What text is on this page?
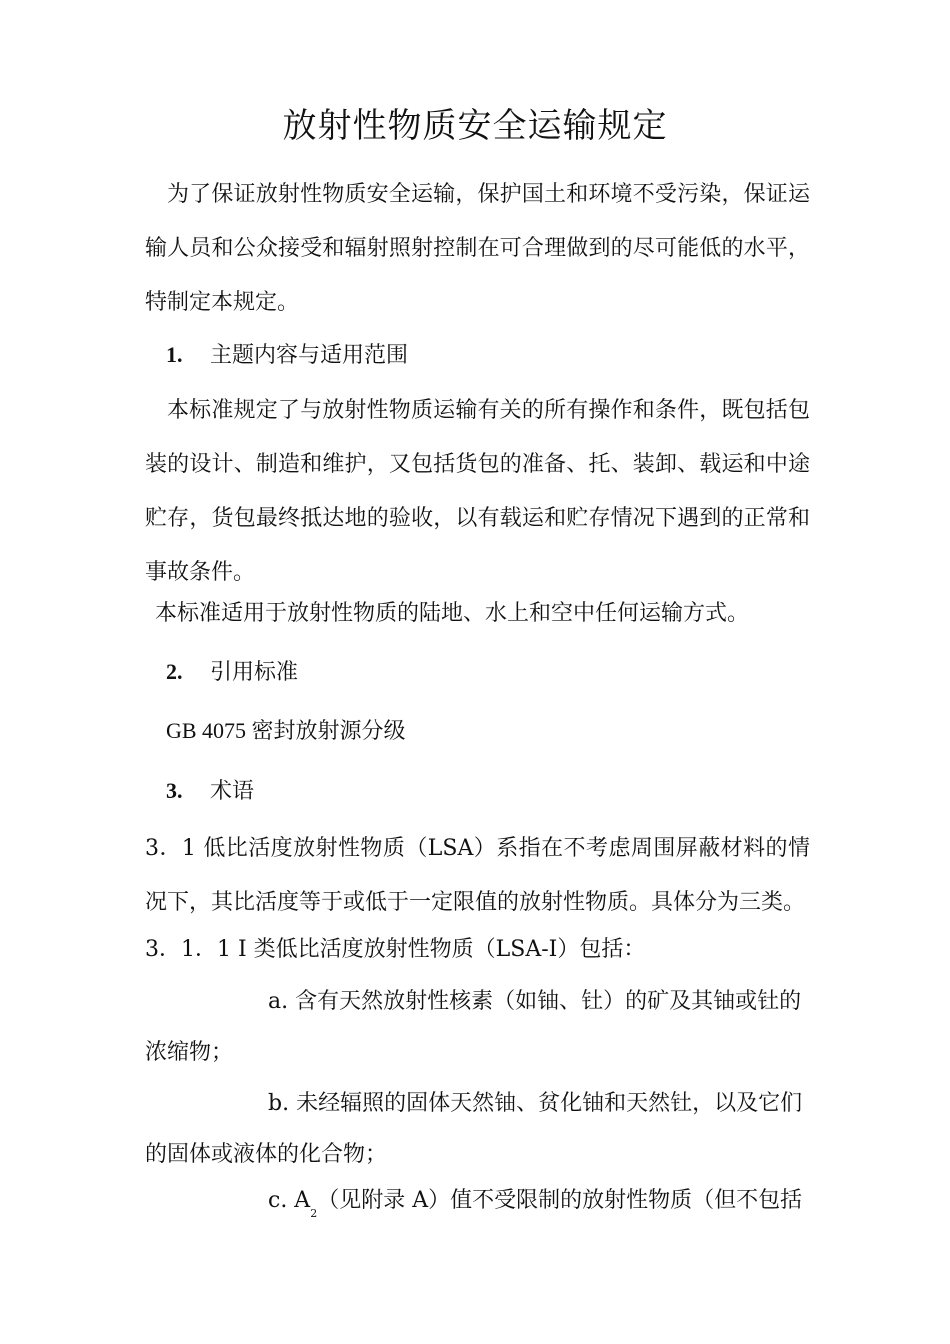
放射性物质安全运输规定
为了保证放射性物质安全运输，保护国土和环境不受污染，保证运输人员和公众接受和辐射照射控制在可合理做到的尽可能低的水平，特制定本规定。
1. 主题内容与适用范围
本标准规定了与放射性物质运输有关的所有操作和条件，既包括包装的设计、制造和维护，又包括货包的准备、托、装卸、载运和中途贮存，货包最终抵达地的验收，以有载运和贮存情况下遇到的正常和事故条件。
本标准适用于放射性物质的陆地、水上和空中任何运输方式。
2. 引用标准
GB 4075 密封放射源分级
3. 术语
3．1 低比活度放射性物质（LSA）系指在不考虑周围屏蔽材料的情况下，其比活度等于或低于一定限值的放射性物质。具体分为三类。
3．1．1 I 类低比活度放射性物质（LSA-I）包括：
a. 含有天然放射性核素（如铀、钍）的矿及其铀或钍的
浓缩物；
b. 未经辐照的固体天然铀、贫化铀和天然钍，以及它们
的固体或液体的化合物；
c. $A_2$（见附录 A）值不受限制的放射性物质（但不包括
